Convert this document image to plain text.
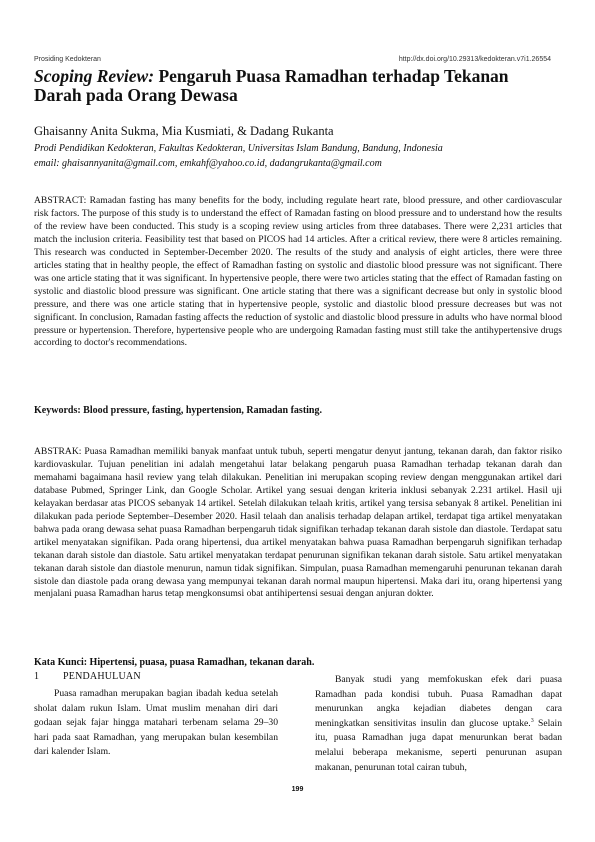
Prosiding Kedokteran	http://dx.doi.org/10.29313/kedokteran.v7i1.26554
Scoping Review: Pengaruh Puasa Ramadhan terhadap Tekanan Darah pada Orang Dewasa
Ghaisanny Anita Sukma, Mia Kusmiati, & Dadang Rukanta
Prodi Pendidikan Kedokteran, Fakultas Kedokteran, Universitas Islam Bandung, Bandung, Indonesia
email: ghaisannyanita@gmail.com, emkahf@yahoo.co.id, dadangrukanta@gmail.com
ABSTRACT: Ramadan fasting has many benefits for the body, including regulate heart rate, blood pressure, and other cardiovascular risk factors. The purpose of this study is to understand the effect of Ramadan fasting on blood pressure and to understand how the results of the review have been conducted. This study is a scoping review using articles from three databases. There were 2,231 articles that match the inclusion criteria. Feasibility test that based on PICOS had 14 articles. After a critical review, there were 8 articles remaining. This research was conducted in September-December 2020. The results of the study and analysis of eight articles, there were three articles stating that in healthy people, the effect of Ramadhan fasting on systolic and diastolic blood pressure was not significant. There was one article stating that it was significant. In hypertensive people, there were two articles stating that the effect of Ramadan fasting on systolic and diastolic blood pressure was significant. One article stating that there was a significant decrease but only in systolic blood pressure, and there was one article stating that in hypertensive people, systolic and diastolic blood pressure decreases but was not significant. In conclusion, Ramadan fasting affects the reduction of systolic and diastolic blood pressure in adults who have normal blood pressure or hypertension. Therefore, hypertensive people who are undergoing Ramadan fasting must still take the antihypertensive drugs according to doctor's recommendations.
Keywords: Blood pressure, fasting, hypertension, Ramadan fasting.
ABSTRAK: Puasa Ramadhan memiliki banyak manfaat untuk tubuh, seperti mengatur denyut jantung, tekanan darah, dan faktor risiko kardiovaskular. Tujuan penelitian ini adalah mengetahui latar belakang pengaruh puasa Ramadhan terhadap tekanan darah dan memahami bagaimana hasil review yang telah dilakukan. Penelitian ini merupakan scoping review dengan menggunakan artikel dari database Pubmed, Springer Link, dan Google Scholar. Artikel yang sesuai dengan kriteria inklusi sebanyak 2.231 artikel. Hasil uji kelayakan berdasar atas PICOS sebanyak 14 artikel. Setelah dilakukan telaah kritis, artikel yang tersisa sebanyak 8 artikel. Penelitian ini dilakukan pada periode September–Desember 2020. Hasil telaah dan analisis terhadap delapan artikel, terdapat tiga artikel menyatakan bahwa pada orang dewasa sehat puasa Ramadhan berpengaruh tidak signifikan terhadap tekanan darah sistole dan diastole. Terdapat satu artikel menyatakan signifikan. Pada orang hipertensi, dua artikel menyatakan bahwa puasa Ramadhan berpengaruh signifikan terhadap tekanan darah sistole dan diastole. Satu artikel menyatakan terdapat penurunan signifikan tekanan darah sistole. Satu artikel menyatakan tekanan darah sistole dan diastole menurun, namun tidak signifikan. Simpulan, puasa Ramadhan memengaruhi penurunan tekanan darah sistole dan diastole pada orang dewasa yang mempunyai tekanan darah normal maupun hipertensi. Maka dari itu, orang hipertensi yang menjalani puasa Ramadhan harus tetap mengkonsumsi obat antihipertensi sesuai dengan anjuran dokter.
Kata Kunci: Hipertensi, puasa, puasa Ramadhan, tekanan darah.
1 PENDAHULUAN
Puasa ramadhan merupakan bagian ibadah kedua setelah sholat dalam rukun Islam. Umat muslim menahan diri dari godaan sejak fajar hingga matahari terbenam selama 29–30 hari pada saat Ramadhan, yang merupakan bulan kesembilan dari kalender Islam.
Banyak studi yang memfokuskan efek dari puasa Ramadhan pada kondisi tubuh. Puasa Ramadhan dapat menurunkan angka kejadian diabetes dengan cara meningkatkan sensitivitas insulin dan glucose uptake.$^3$ Selain itu, puasa Ramadhan juga dapat menurunkan berat badan melalui beberapa mekanisme, seperti penurunan asupan makanan, penurunan total cairan tubuh,
199
